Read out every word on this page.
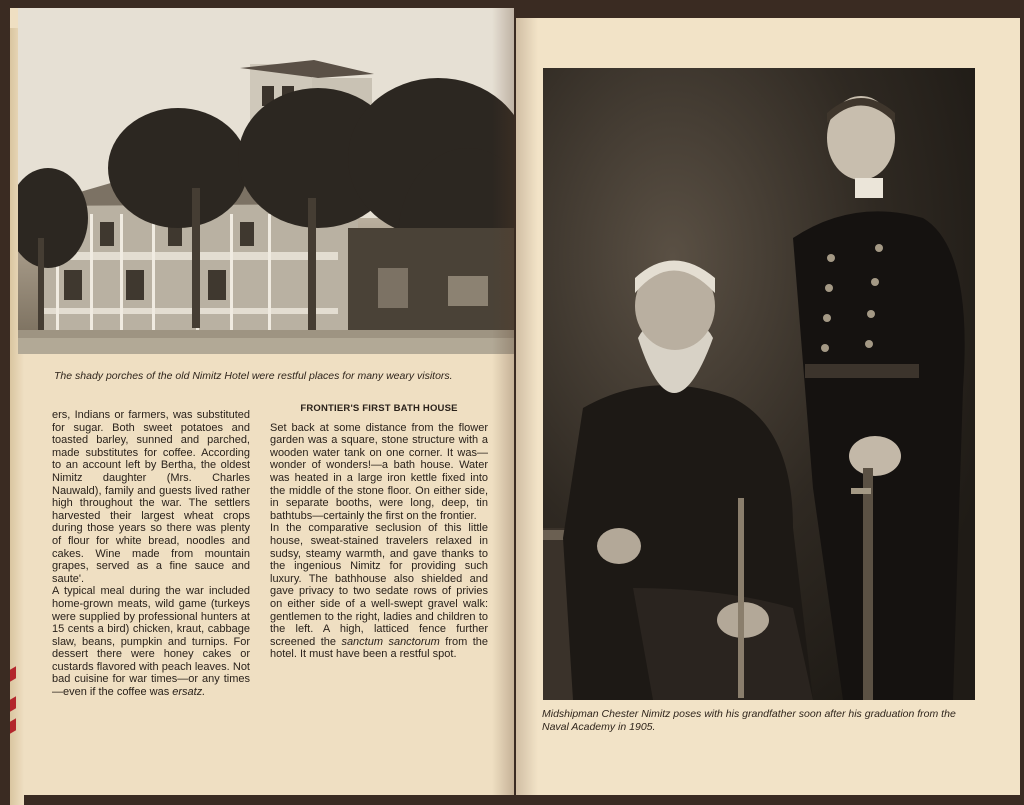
The shady porches of the old Nimitz Hotel were restful places for many weary visitors.

ers, Indians or farmers, was substituted for sugar. Both sweet potatoes and toasted barley, sunned and parched, made substitutes for coffee. According to an account left by Bertha, the oldest Nimitz daughter (Mrs. Charles Nauwald), family and guests lived rather high throughout the war. The settlers harvested their largest wheat crops during those years so there was plenty of flour for white bread, noodles and cakes. Wine made from mountain grapes, served as a fine sauce and saute'.

A typical meal during the war included home-grown meats, wild game (turkeys were supplied by professional hunters at 15 cents a bird) chicken, kraut, cabbage slaw, beans, pumpkin and turnips. For dessert there were honey cakes or custards flavored with peach leaves. Not bad cuisine for war times—or any times—even if the coffee was ersatz.

FRONTIER'S FIRST BATH HOUSE

Set back at some distance from the flower garden was a square, stone structure with a wooden water tank on one corner. It was—wonder of wonders!—a bath house. Water was heated in a large iron kettle fixed into the middle of the stone floor. On either side, in separate booths, were long, deep, tin bathtubs—certainly the first on the frontier.

In the comparative seclusion of this little house, sweat-stained travelers relaxed in sudsy, steamy warmth, and gave thanks to the ingenious Nimitz for providing such luxury. The bathhouse also shielded and gave privacy to two sedate rows of privies on either side of a well-swept gravel walk: gentlemen to the right, ladies and children to the left. A high, latticed fence further screened the sanctum sanctorum from the hotel. It must have been a restful spot.

Midshipman Chester Nimitz poses with his grandfather soon after his graduation from the Naval Academy in 1905.
